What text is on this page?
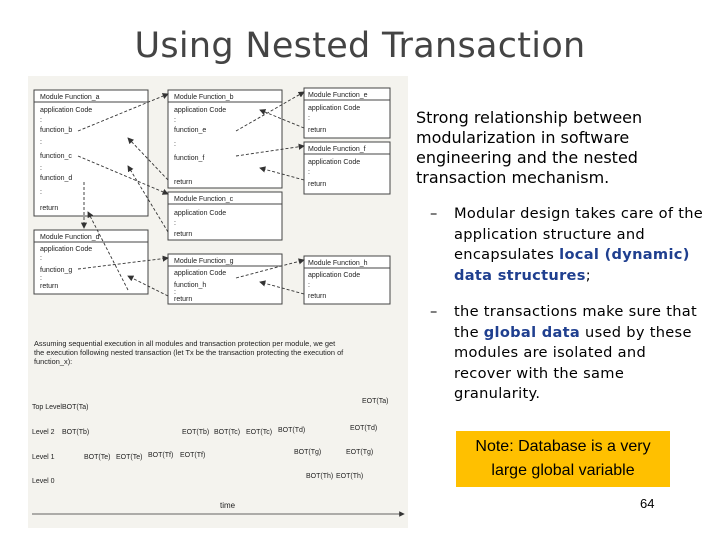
Using Nested Transaction
Module Function_a
application Code
:
function_b
:
function_c
:
function_d
:
return
Module Function_b
application Code
:
function_e
:
function_f
return
Module Function_e
application Code
:
return
Module Function_f
application Code
:
return
Module Function_c
application Code
:
return
Module Function_d
application Code
:
function_g
:
return
Module Function_g
application Code
function_h
:
return
Module Function_h
application Code
:
return
Assuming sequential execution in all modules and transaction protection per module, we get
the execution following nested transaction (let Tx be the transaction protecting the execution of
function_x):
Top Level
Level 2
Level 1
Level 0
BOT(Ta)
EOT(Ta)
BOT(Tb)	EOT(Tb) BOT(Tc) EOT(Tc) BOT(Td)	EOT(Td)
BOT(Te) EOT(Te) BOT(Tf) EOT(Tf)	BOT(Tg)	EOT(Tg)
BOT(Th) EOT(Th)
time
Strong relationship between modularization in software engineering and the nested transaction mechanism.
– Modular design takes care of the application structure and encapsulates local (dynamic) data structures;
– the transactions make sure that the global data used by these modules are isolated and recover with the same granularity.
Note: Database is a very
large global variable
64
